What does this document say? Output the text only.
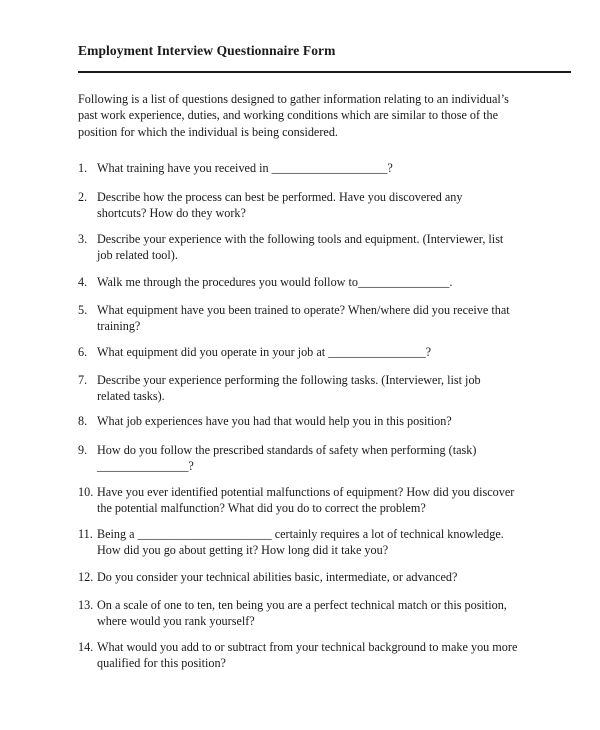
Employment Interview Questionnaire Form
Following is a list of questions designed to gather information relating to an individual’s
past work experience, duties, and working conditions which are similar to those of the
position for which the individual is being considered.
1. What training have you received in ___________________?
2. Describe how the process can best be performed. Have you discovered any
shortcuts? How do they work?
3. Describe your experience with the following tools and equipment. (Interviewer, list
job related tool).
4. Walk me through the procedures you would follow to_______________.
5. What equipment have you been trained to operate? When/where did you receive that
training?
6. What equipment did you operate in your job at ________________?
7. Describe your experience performing the following tasks. (Interviewer, list job
related tasks).
8. What job experiences have you had that would help you in this position?
9. How do you follow the prescribed standards of safety when performing (task)
_______________?
10. Have you ever identified potential malfunctions of equipment? How did you discover
the potential malfunction? What did you do to correct the problem?
11. Being a ______________________ certainly requires a lot of technical knowledge.
How did you go about getting it? How long did it take you?
12. Do you consider your technical abilities basic, intermediate, or advanced?
13. On a scale of one to ten, ten being you are a perfect technical match or this position,
where would you rank yourself?
14. What would you add to or subtract from your technical background to make you more
qualified for this position?
